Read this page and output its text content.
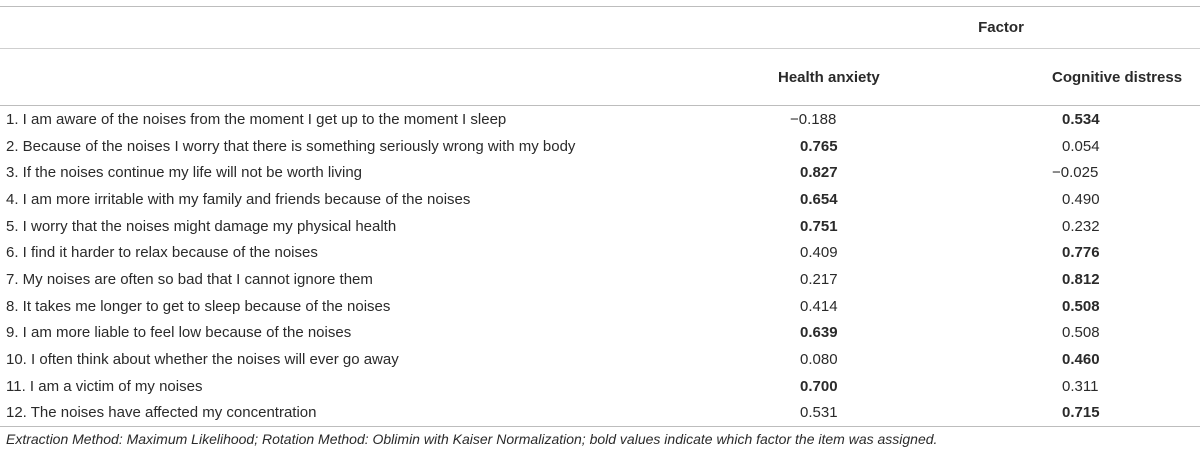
	Factor	
	Health anxiety	Cognitive distress
1. I am aware of the noises from the moment I get up to the moment I sleep	−0.188	0.534
2. Because of the noises I worry that there is something seriously wrong with my body	0.765	0.054
3. If the noises continue my life will not be worth living	0.827	−0.025
4. I am more irritable with my family and friends because of the noises	0.654	0.490
5. I worry that the noises might damage my physical health	0.751	0.232
6. I find it harder to relax because of the noises	0.409	0.776
7. My noises are often so bad that I cannot ignore them	0.217	0.812
8. It takes me longer to get to sleep because of the noises	0.414	0.508
9. I am more liable to feel low because of the noises	0.639	0.508
10. I often think about whether the noises will ever go away	0.080	0.460
11. I am a victim of my noises	0.700	0.311
12. The noises have affected my concentration	0.531	0.715
Extraction Method: Maximum Likelihood; Rotation Method: Oblimin with Kaiser Normalization; bold values indicate which factor the item was assigned.
